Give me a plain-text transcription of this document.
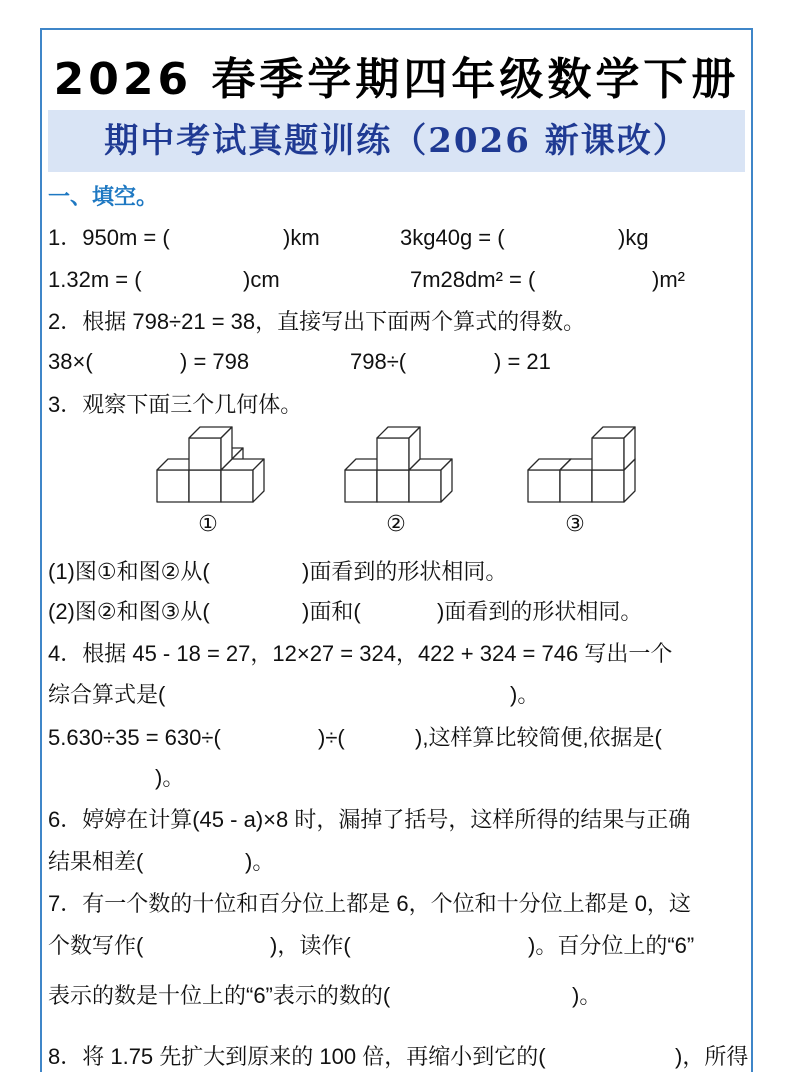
2026 春季学期四年级数学下册
期中考试真题训练（2026 新课改）
一、填空。
1．950m = (	)km	3kg40g = (	)kg
1.32m = (	)cm	7m28dm² = (	)m²
2．根据 798÷21 = 38，直接写出下面两个算式的得数。
38×(	) = 798	798÷(	) = 21
3．观察下面三个几何体。
①	②	③
(1)图①和图②从(	)面看到的形状相同。
(2)图②和图③从(	)面和(	)面看到的形状相同。
4．根据 45 - 18 = 27，12×27 = 324，422 + 324 = 746 写出一个
综合算式是(	)。
5.630÷35 = 630÷(	)÷(	),这样算比较简便,依据是(
)。
6．婷婷在计算(45 - a)×8 时，漏掉了括号，这样所得的结果与正确
结果相差(	)。
7．有一个数的十位和百分位上都是 6，个位和十分位上都是 0，这
个数写作(	)，读作(	)。百分位上的“6”
表示的数是十位上的“6”表示的数的(	)。
8．将 1.75 先扩大到原来的 100 倍，再缩小到它的(	)，所得
